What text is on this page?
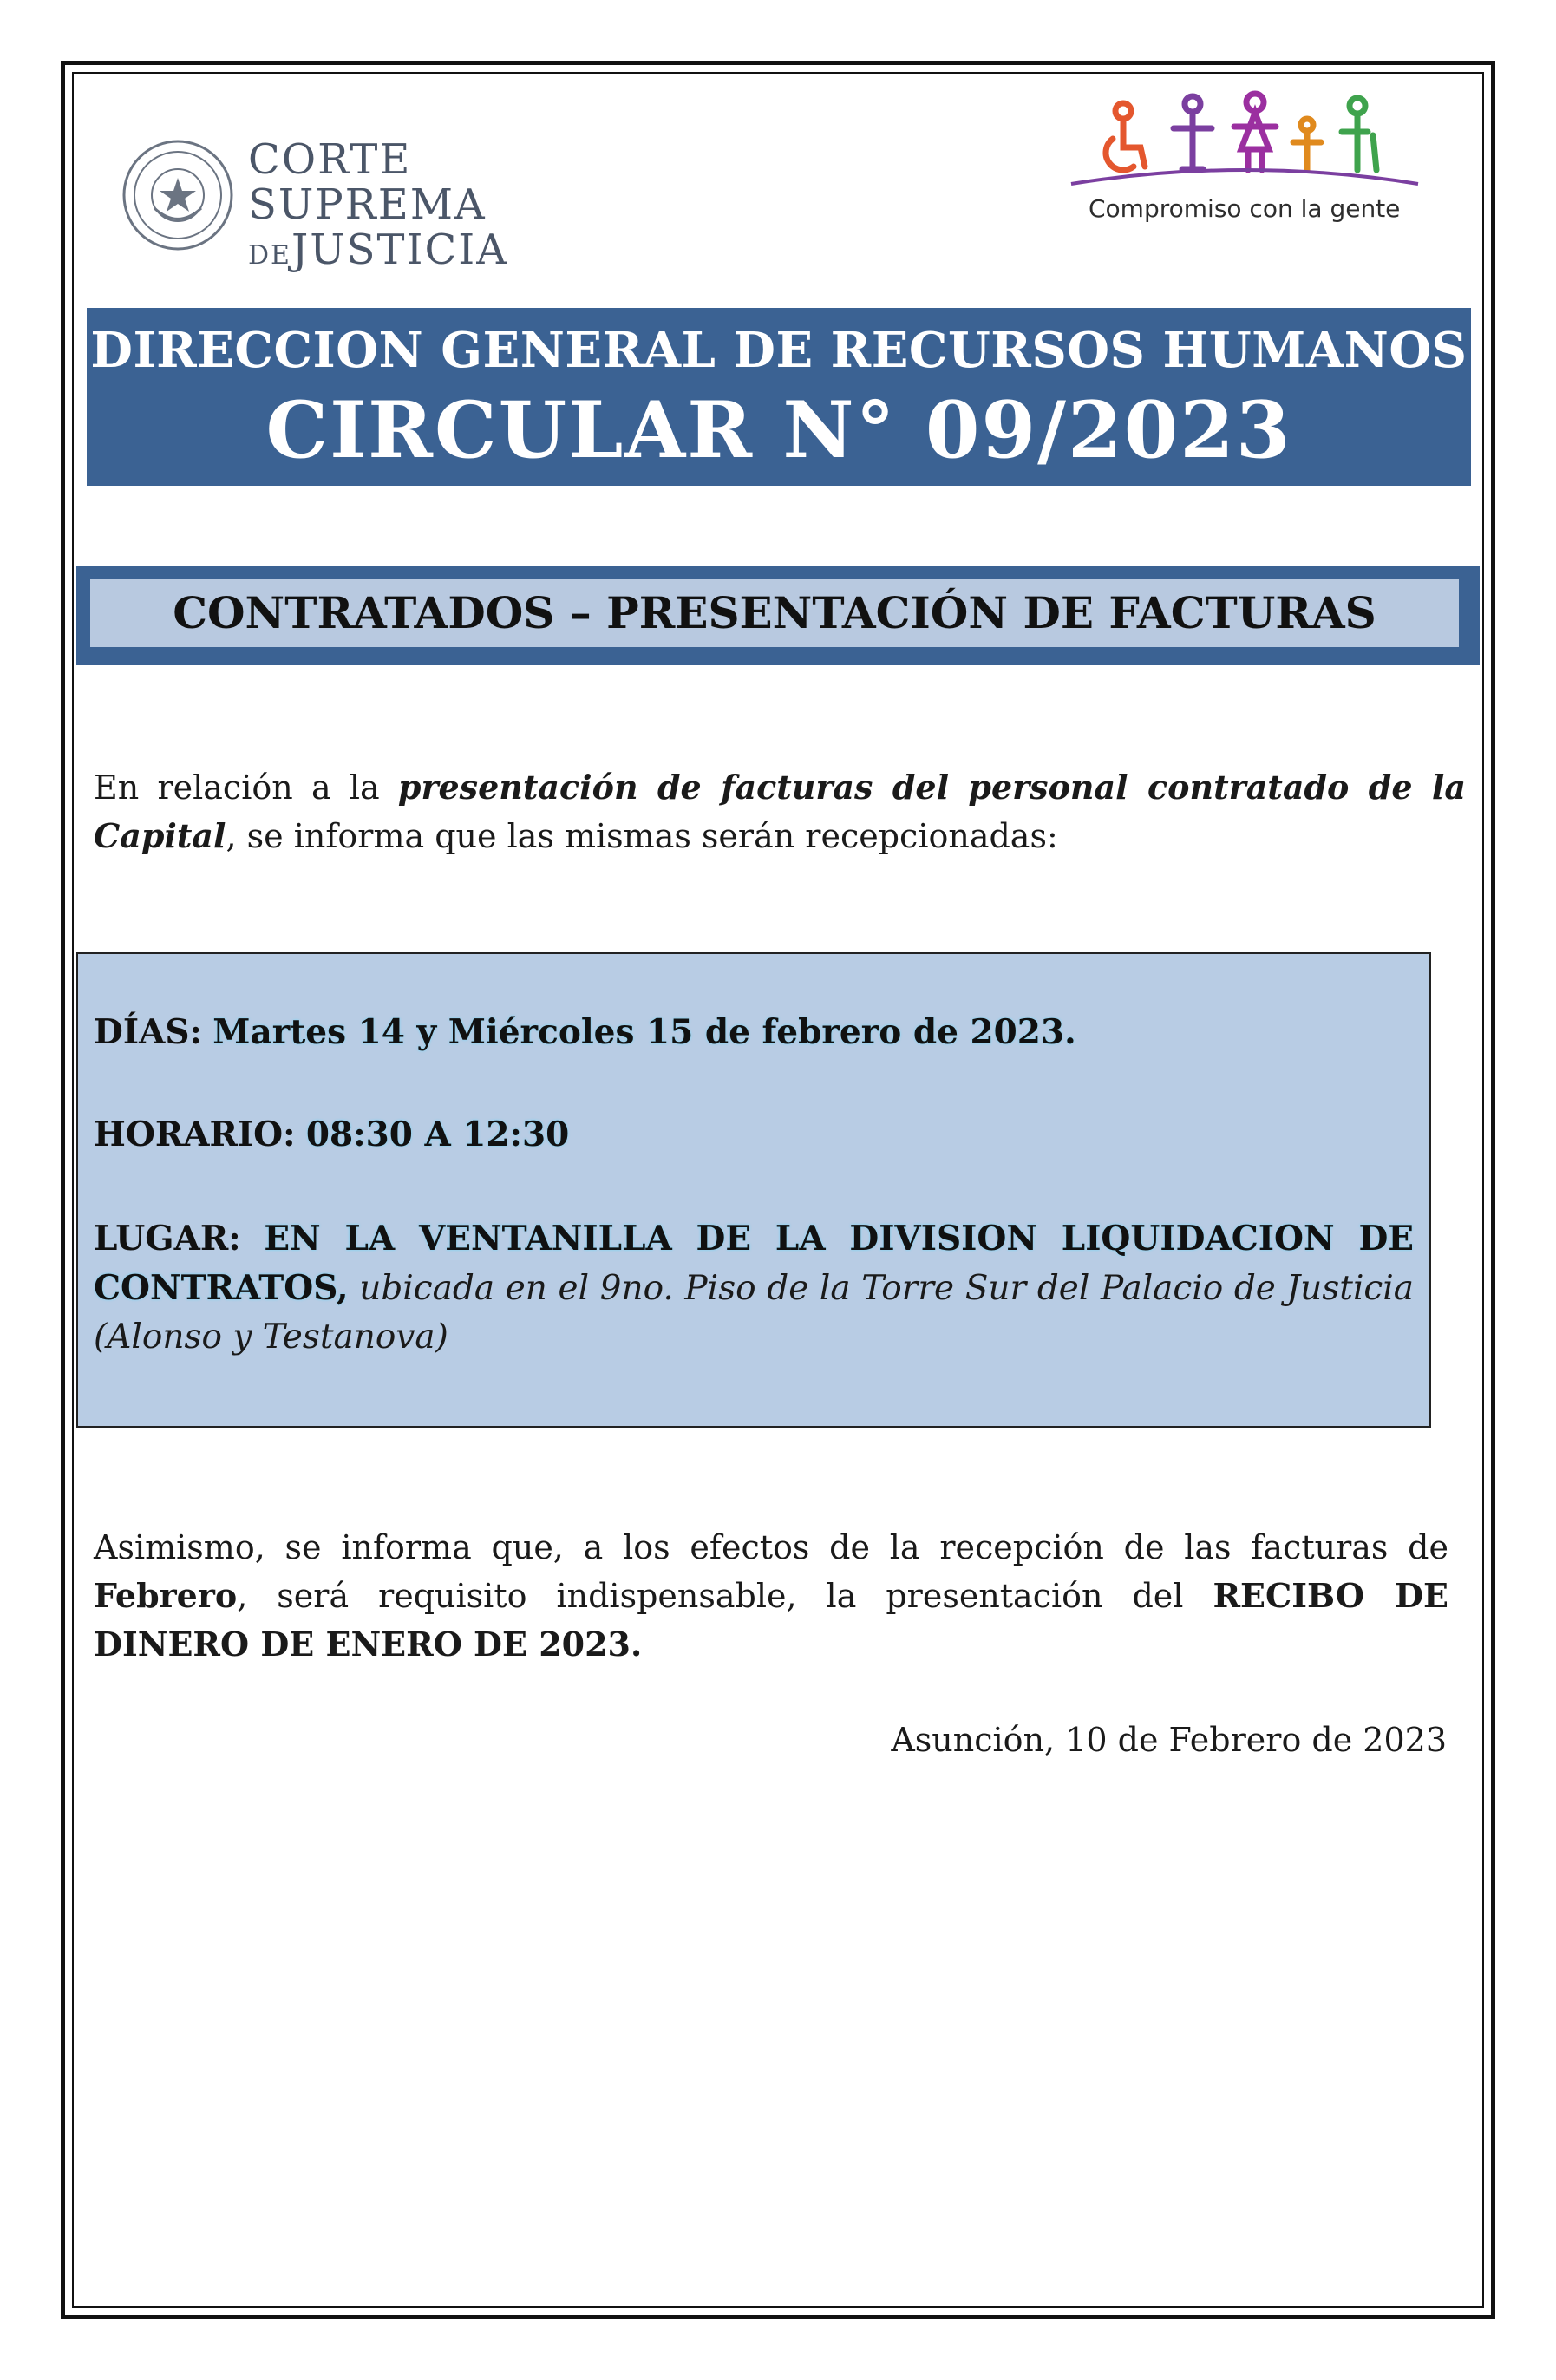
CORTE
SUPREMA
DEJUSTICIA
Compromiso con la gente
DIRECCION GENERAL DE RECURSOS HUMANOS
CIRCULAR N° 09/2023
CONTRATADOS – PRESENTACIÓN DE FACTURAS
En relación a la presentación de facturas del personal contratado de la Capital, se informa que las mismas serán recepcionadas:
DÍAS: Martes 14 y Miércoles 15 de febrero de 2023.
HORARIO: 08:30 A 12:30
LUGAR: EN LA VENTANILLA DE LA DIVISION LIQUIDACION DE CONTRATOS, ubicada en el 9no. Piso de la Torre Sur del Palacio de Justicia (Alonso y Testanova)
Asimismo, se informa que, a los efectos de la recepción de las facturas de Febrero, será requisito indispensable, la presentación del RECIBO DE DINERO DE ENERO DE 2023.
Asunción, 10 de Febrero de 2023
